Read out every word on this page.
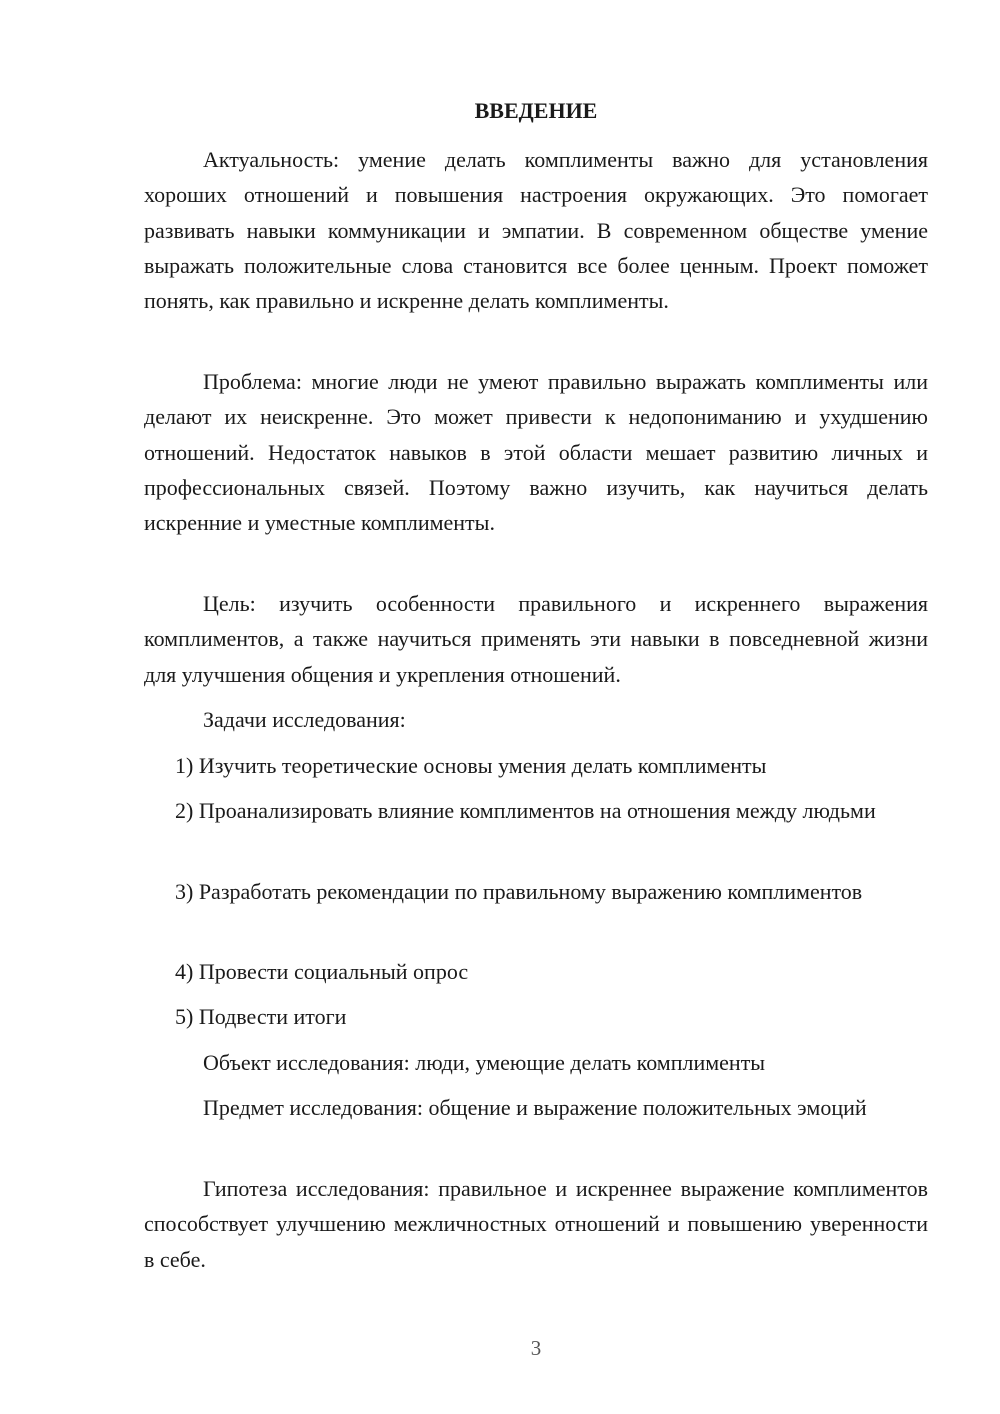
ВВЕДЕНИЕ

Актуальность: умение делать комплименты важно для установления хороших отношений и повышения настроения окружающих. Это помогает развивать навыки коммуникации и эмпатии. В современном обществе умение выражать положительные слова становится все более ценным. Проект поможет понять, как правильно и искренне делать комплименты.

Проблема: многие люди не умеют правильно выражать комплименты или делают их неискренне. Это может привести к недопониманию и ухудшению отношений. Недостаток навыков в этой области мешает развитию личных и профессиональных связей. Поэтому важно изучить, как научиться делать искренние и уместные комплименты.

Цель: изучить особенности правильного и искреннего выражения комплиментов, а также научиться применять эти навыки в повседневной жизни для улучшения общения и укрепления отношений.

Задачи исследования:

1) Изучить теоретические основы умения делать комплименты

2) Проанализировать влияние комплиментов на отношения между людьми

3) Разработать рекомендации по правильному выражению комплиментов

4) Провести социальный опрос

5) Подвести итоги

Объект исследования: люди, умеющие делать комплименты

Предмет исследования: общение и выражение положительных эмоций

Гипотеза исследования: правильное и искреннее выражение комплиментов способствует улучшению межличностных отношений и повышению уверенности в себе.

3
